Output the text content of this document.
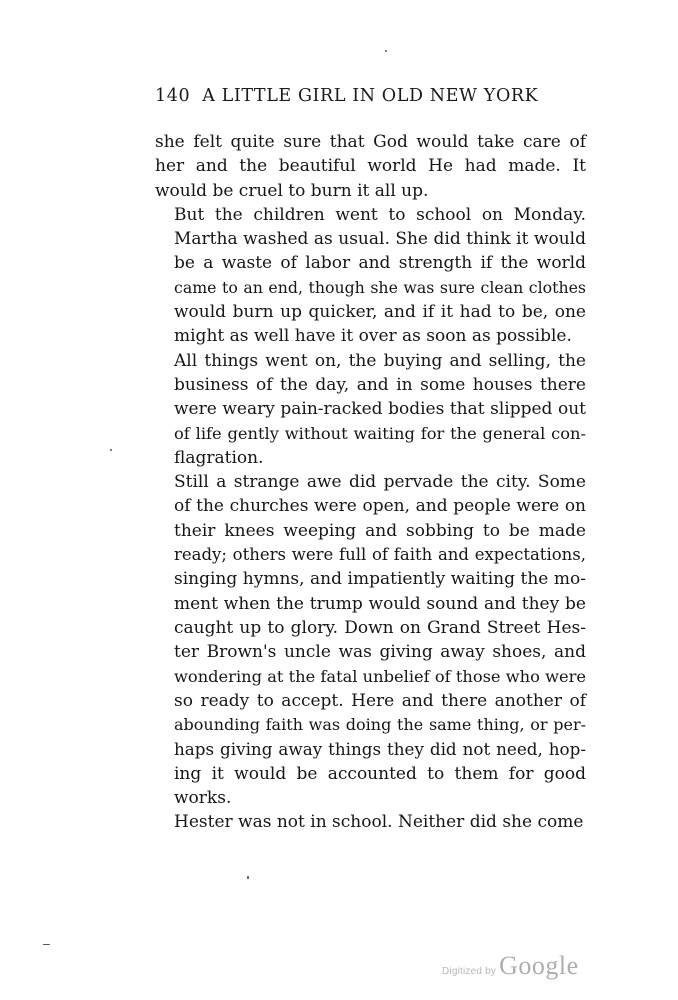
140 A LITTLE GIRL IN OLD NEW YORK
she felt quite sure that God would take care of
her and the beautiful world He had made. It
would be cruel to burn it all up.
But the children went to school on Monday.
Martha washed as usual. She did think it would
be a waste of labor and strength if the world
came to an end, though she was sure clean clothes
would burn up quicker, and if it had to be, one
might as well have it over as soon as possible.
All things went on, the buying and selling, the
business of the day, and in some houses there
were weary pain-racked bodies that slipped out
of life gently without waiting for the general con-
flagration.
Still a strange awe did pervade the city. Some
of the churches were open, and people were on
their knees weeping and sobbing to be made
ready; others were full of faith and expectations,
singing hymns, and impatiently waiting the mo-
ment when the trump would sound and they be
caught up to glory. Down on Grand Street Hes-
ter Brown's uncle was giving away shoes, and
wondering at the fatal unbelief of those who were
so ready to accept. Here and there another of
abounding faith was doing the same thing, or per-
haps giving away things they did not need, hop-
ing it would be accounted to them for good
works.
Hester was not in school. Neither did she come
Digitized by Google
